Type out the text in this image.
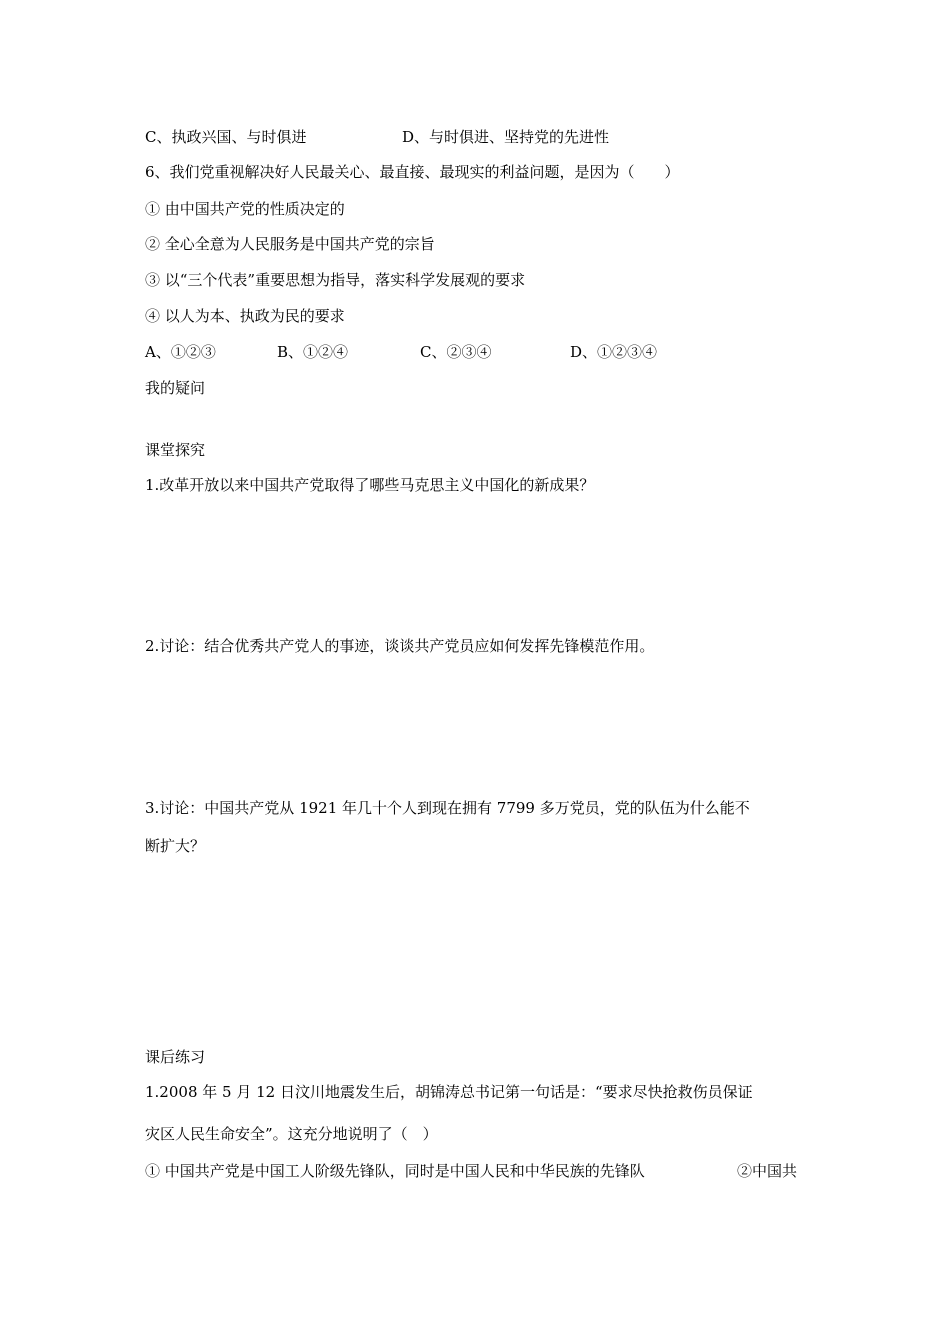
C、执政兴国、与时俱进	D、与时俱进、坚持党的先进性
6、我们党重视解决好人民最关心、最直接、最现实的利益问题，是因为（　　）
① 由中国共产党的性质决定的
② 全心全意为人民服务是中国共产党的宗旨
③ 以“三个代表”重要思想为指导，落实科学发展观的要求
④ 以人为本、执政为民的要求
A、①②③	B、①②④	C、②③④	D、①②③④
我的疑问
课堂探究
1.改革开放以来中国共产党取得了哪些马克思主义中国化的新成果？
2.讨论：结合优秀共产党人的事迹，谈谈共产党员应如何发挥先锋模范作用。
3.讨论：中国共产党从 1921 年几十个人到现在拥有 7799 多万党员，党的队伍为什么能不
断扩大？
课后练习
1.2008 年 5 月 12 日汶川地震发生后，胡锦涛总书记第一句话是：“要求尽快抢救伤员保证
灾区人民生命安全”。这充分地说明了（　）
① 中国共产党是中国工人阶级先锋队，同时是中国人民和中华民族的先锋队	②中国共
